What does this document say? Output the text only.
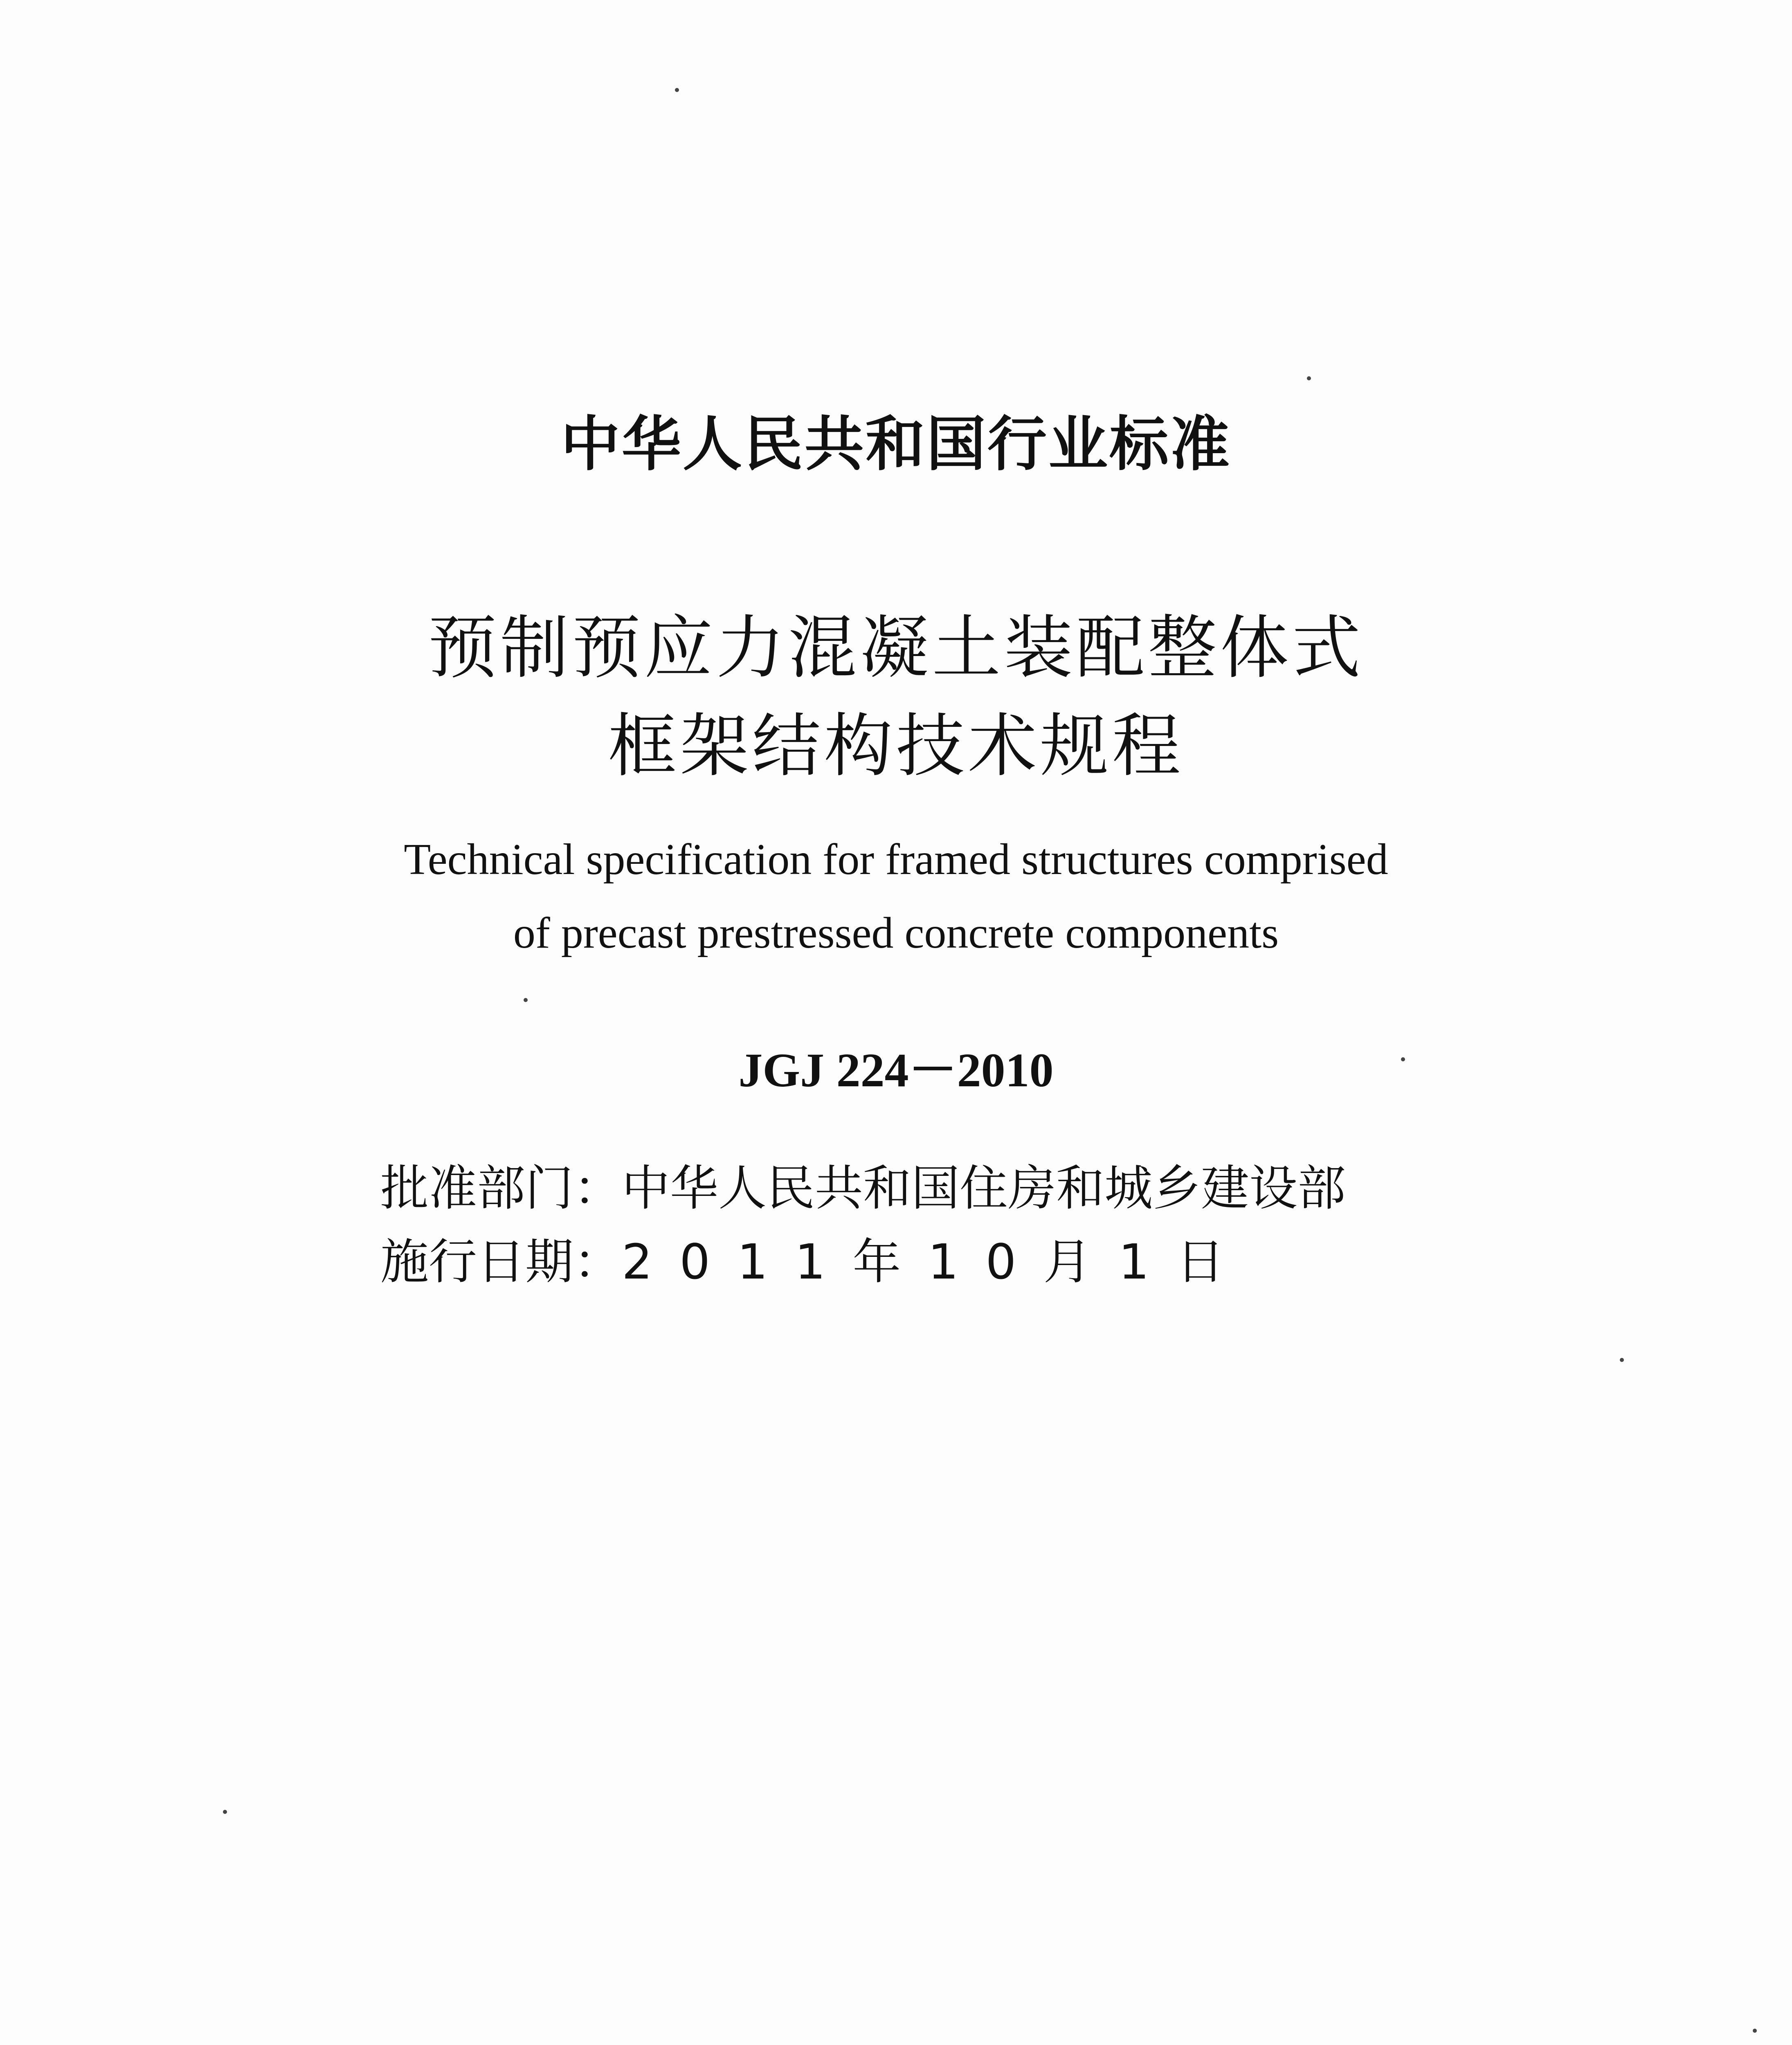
中华人民共和国行业标准
预制预应力混凝土装配整体式
框架结构技术规程
Technical specification for framed structures comprised
of precast prestressed concrete components
JGJ 224－2010
批准部门：中华人民共和国住房和城乡建设部
施行日期：2011年10月1日
